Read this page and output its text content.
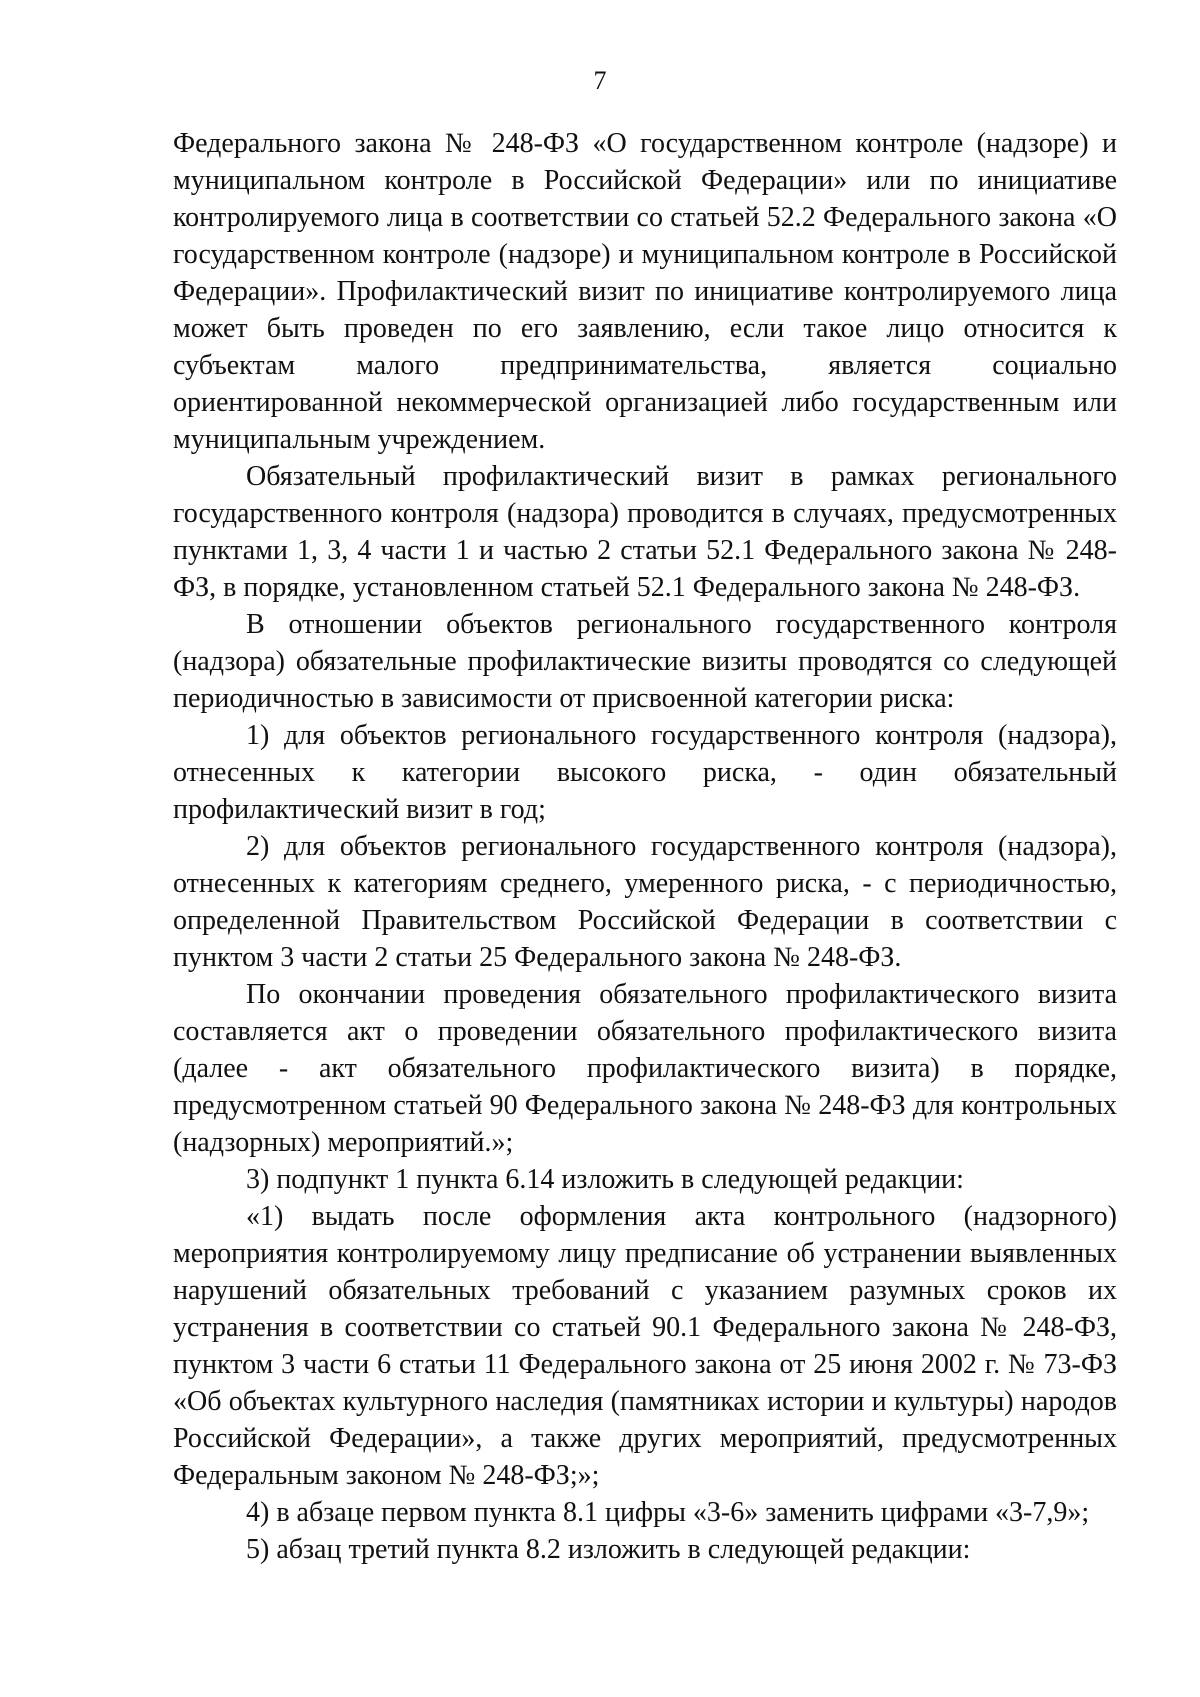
7

Федерального закона № 248-ФЗ «О государственном контроле (надзоре) и муниципальном контроле в Российской Федерации» или по инициативе контролируемого лица в соответствии со статьей 52.2 Федерального закона «О государственном контроле (надзоре) и муниципальном контроле в Российской Федерации». Профилактический визит по инициативе контролируемого лица может быть проведен по его заявлению, если такое лицо относится к субъектам малого предпринимательства, является социально ориентированной некоммерческой организацией либо государственным или муниципальным учреждением.

Обязательный профилактический визит в рамках регионального государственного контроля (надзора) проводится в случаях, предусмотренных пунктами 1, 3, 4 части 1 и частью 2 статьи 52.1 Федерального закона № 248-ФЗ, в порядке, установленном статьей 52.1 Федерального закона № 248-ФЗ.

В отношении объектов регионального государственного контроля (надзора) обязательные профилактические визиты проводятся со следующей периодичностью в зависимости от присвоенной категории риска:

1) для объектов регионального государственного контроля (надзора), отнесенных к категории высокого риска, - один обязательный профилактический визит в год;

2) для объектов регионального государственного контроля (надзора), отнесенных к категориям среднего, умеренного риска, - с периодичностью, определенной Правительством Российской Федерации в соответствии с пунктом 3 части 2 статьи 25 Федерального закона № 248-ФЗ.

По окончании проведения обязательного профилактического визита составляется акт о проведении обязательного профилактического визита (далее - акт обязательного профилактического визита) в порядке, предусмотренном статьей 90 Федерального закона № 248-ФЗ для контрольных (надзорных) мероприятий.»;

3) подпункт 1 пункта 6.14 изложить в следующей редакции:

«1) выдать после оформления акта контрольного (надзорного) мероприятия контролируемому лицу предписание об устранении выявленных нарушений обязательных требований с указанием разумных сроков их устранения в соответствии со статьей 90.1 Федерального закона № 248-ФЗ, пунктом 3 части 6 статьи 11 Федерального закона от 25 июня 2002 г. № 73-ФЗ «Об объектах культурного наследия (памятниках истории и культуры) народов Российской Федерации», а также других мероприятий, предусмотренных Федеральным законом № 248-ФЗ;»;

4) в абзаце первом пункта 8.1 цифры «3-6» заменить цифрами «3-7,9»;

5) абзац третий пункта 8.2 изложить в следующей редакции:
